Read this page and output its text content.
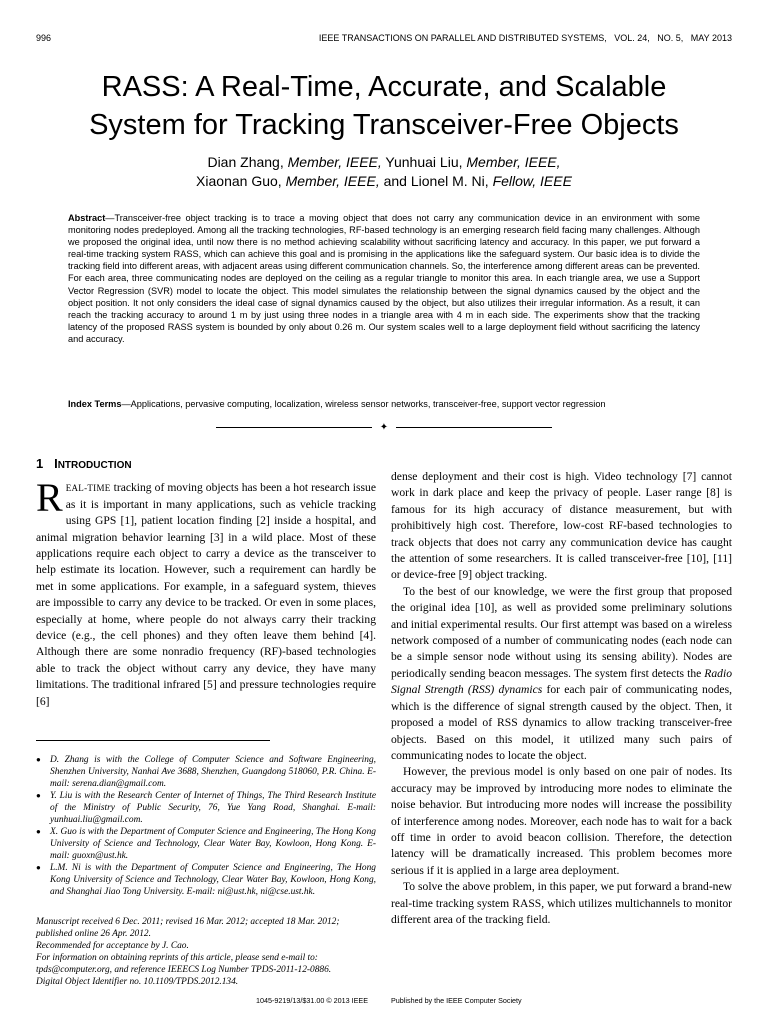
996	IEEE TRANSACTIONS ON PARALLEL AND DISTRIBUTED SYSTEMS,   VOL. 24,   NO. 5,   MAY 2013
RASS: A Real-Time, Accurate, and Scalable
System for Tracking Transceiver-Free Objects
Dian Zhang, Member, IEEE, Yunhuai Liu, Member, IEEE,
Xiaonan Guo, Member, IEEE, and Lionel M. Ni, Fellow, IEEE
Abstract—Transceiver-free object tracking is to trace a moving object that does not carry any communication device in an environment with some monitoring nodes predeployed. Among all the tracking technologies, RF-based technology is an emerging research field facing many challenges. Although we proposed the original idea, until now there is no method achieving scalability without sacrificing latency and accuracy. In this paper, we put forward a real-time tracking system RASS, which can achieve this goal and is promising in the applications like the safeguard system. Our basic idea is to divide the tracking field into different areas, with adjacent areas using different communication channels. So, the interference among different areas can be prevented. For each area, three communicating nodes are deployed on the ceiling as a regular triangle to monitor this area. In each triangle area, we use a Support Vector Regression (SVR) model to locate the object. This model simulates the relationship between the signal dynamics caused by the object and the object position. It not only considers the ideal case of signal dynamics caused by the object, but also utilizes their irregular information. As a result, it can reach the tracking accuracy to around 1 m by just using three nodes in a triangle area with 4 m in each side. The experiments show that the tracking latency of the proposed RASS system is bounded by only about 0.26 m. Our system scales well to a large deployment field without sacrificing the latency and accuracy.
Index Terms—Applications, pervasive computing, localization, wireless sensor networks, transceiver-free, support vector regression
✦
1 INTRODUCTION

REAL-TIME tracking of moving objects has been a hot research issue as it is important in many applications, such as vehicle tracking using GPS [1], patient location finding [2] inside a hospital, and animal migration behavior learning [3] in a wild place. Most of these applications require each object to carry a device as the transceiver to help estimate its location. However, such a requirement can hardly be met in some applications. For example, in a safeguard system, thieves are impossible to carry any device to be tracked. Or even in some places, especially at home, where people do not always carry their tracking device (e.g., the cell phones) and they often leave them behind [4]. Although there are some nonradio frequency (RF)-based technologies able to track the object without carry any device, they have many limitations. The traditional infrared [5] and pressure technologies require [6]

dense deployment and their cost is high. Video technology [7] cannot work in dark place and keep the privacy of people. Laser range [8] is famous for its high accuracy of distance measurement, but with prohibitively high cost. Therefore, low-cost RF-based technologies to track objects that does not carry any communication device has caught the attention of some researchers. It is called transceiver-free [10], [11] or device-free [9] object tracking.

To the best of our knowledge, we were the first group that proposed the original idea [10], as well as provided some preliminary solutions and initial experimental results. Our first attempt was based on a wireless network composed of a number of communicating nodes (each node can be a simple sensor node without using its sensing ability). Nodes are periodically sending beacon messages. The system first detects the Radio Signal Strength (RSS) dynamics for each pair of communicating nodes, which is the difference of signal strength caused by the object. Then, it proposed a model of RSS dynamics to allow tracking transceiver-free objects. Based on this model, it utilized many such pairs of communicating nodes to locate the object.

However, the previous model is only based on one pair of nodes. Its accuracy may be improved by introducing more nodes to eliminate the noise behavior. But introducing more nodes will increase the possibility of interference among nodes. Moreover, each node has to wait for a back off time in order to avoid beacon collision. Therefore, the detection latency will be dramatically increased. This problem becomes more serious if it is applied in a large area deployment.

To solve the above problem, in this paper, we put forward a brand-new real-time tracking system RASS, which utilizes multichannels to monitor different area of the tracking field.

● D. Zhang is with the College of Computer Science and Software Engineering, Shenzhen University, Nanhai Ave 3688, Shenzhen, Guangdong 518060, P.R. China. E-mail: serena.dian@gmail.com.
● Y. Liu is with the Research Center of Internet of Things, The Third Research Institute of the Ministry of Public Security, 76, Yue Yang Road, Shanghai. E-mail: yunhuai.liu@gmail.com.
● X. Guo is with the Department of Computer Science and Engineering, The Hong Kong University of Science and Technology, Clear Water Bay, Kowloon, Hong Kong. E-mail: guoxn@ust.hk.
● L.M. Ni is with the Department of Computer Science and Engineering, The Hong Kong University of Science and Technology, Clear Water Bay, Kowloon, Hong Kong, and Shanghai Jiao Tong University. E-mail: ni@ust.hk, ni@cse.ust.hk.
Manuscript received 6 Dec. 2011; revised 16 Mar. 2012; accepted 18 Mar. 2012; published online 26 Apr. 2012.
Recommended for acceptance by J. Cao.
For information on obtaining reprints of this article, please send e-mail to: tpds@computer.org, and reference IEEECS Log Number TPDS-2011-12-0886.
Digital Object Identifier no. 10.1109/TPDS.2012.134.
1045-9219/13/$31.00 © 2013 IEEE	Published by the IEEE Computer Society
